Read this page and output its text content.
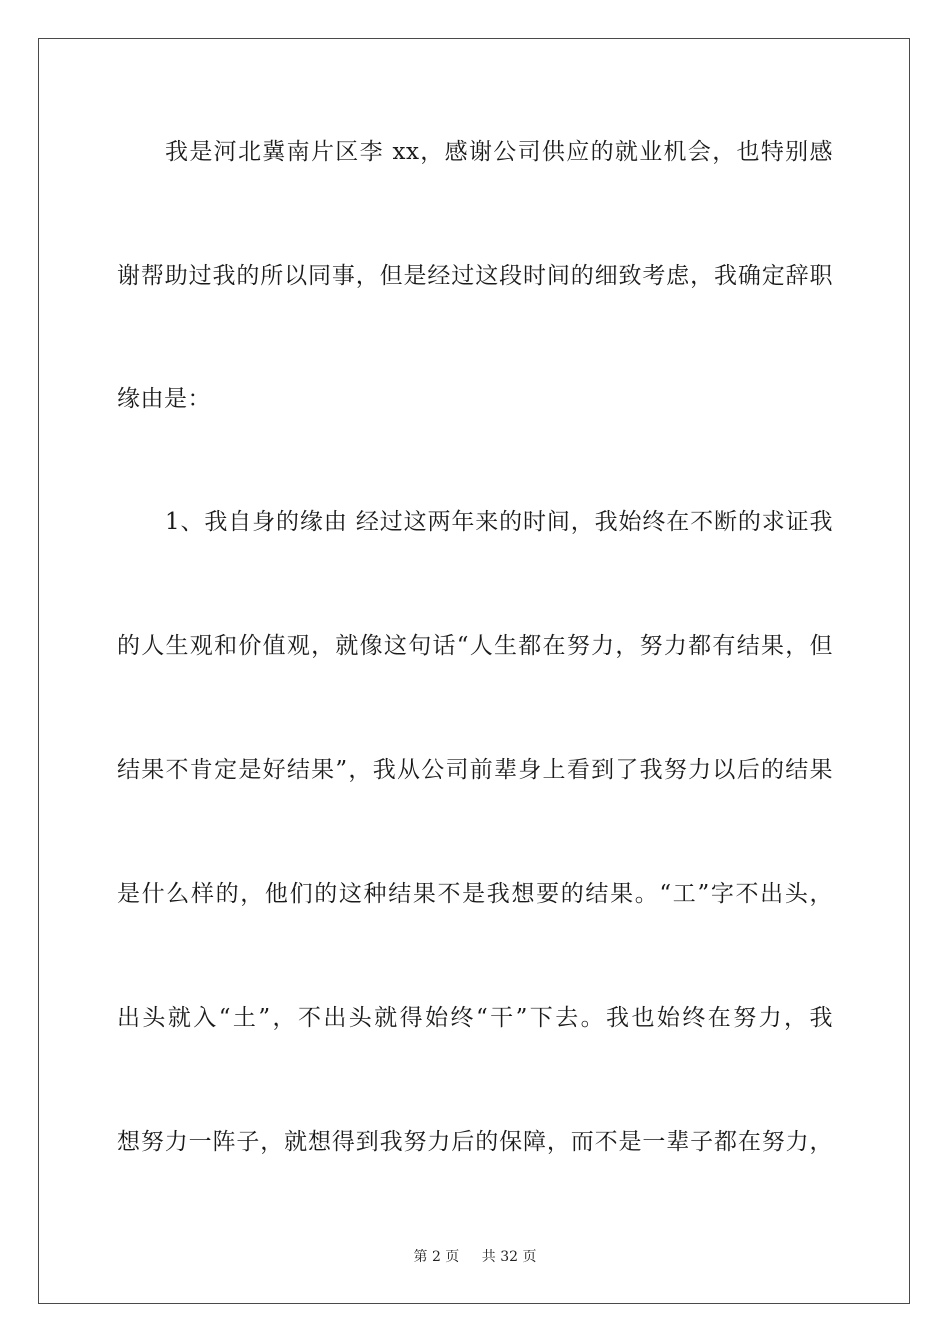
我是河北冀南片区李 xx，感谢公司供应的就业机会，也特别感
谢帮助过我的所以同事，但是经过这段时间的细致考虑，我确定辞职
缘由是：
1、我自身的缘由 经过这两年来的时间，我始终在不断的求证我
的人生观和价值观，就像这句话“人生都在努力，努力都有结果，但
结果不肯定是好结果”，我从公司前辈身上看到了我努力以后的结果
是什么样的，他们的这种结果不是我想要的结果。“工”字不出头，
出头就入“土”，不出头就得始终“干”下去。我也始终在努力，我
想努力一阵子，就想得到我努力后的保障，而不是一辈子都在努力，
第 2 页 共 32 页
